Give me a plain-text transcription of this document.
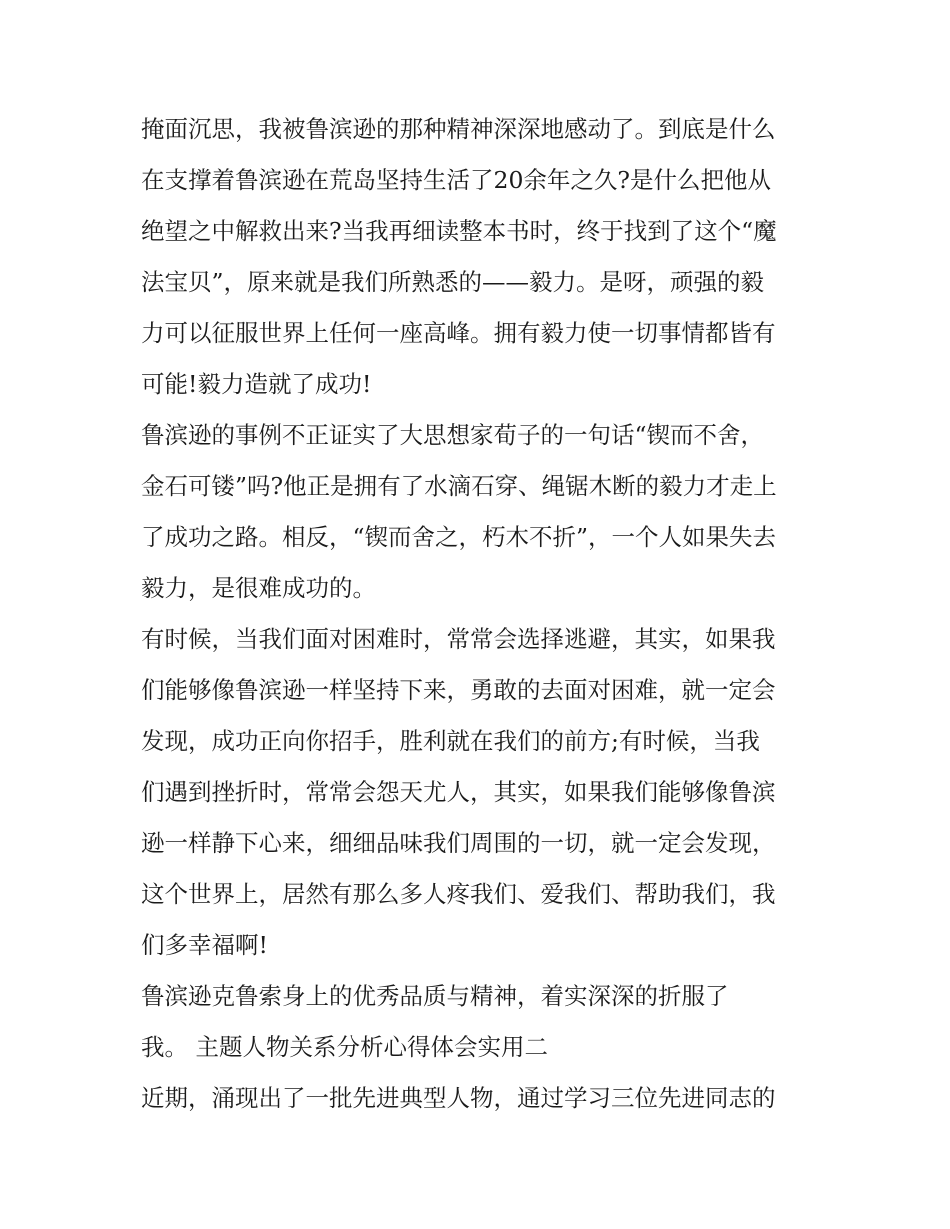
掩面沉思，我被鲁滨逊的那种精神深深地感动了。到底是什么
在支撑着鲁滨逊在荒岛坚持生活了20余年之久?是什么把他从
绝望之中解救出来?当我再细读整本书时，终于找到了这个“魔
法宝贝”，原来就是我们所熟悉的——毅力。是呀，顽强的毅
力可以征服世界上任何一座高峰。拥有毅力使一切事情都皆有
可能!毅力造就了成功!
鲁滨逊的事例不正证实了大思想家荀子的一句话“锲而不舍，
金石可镂”吗?他正是拥有了水滴石穿、绳锯木断的毅力才走上
了成功之路。相反，“锲而舍之，朽木不折”，一个人如果失去
毅力，是很难成功的。
有时候，当我们面对困难时，常常会选择逃避，其实，如果我
们能够像鲁滨逊一样坚持下来，勇敢的去面对困难，就一定会
发现，成功正向你招手，胜利就在我们的前方;有时候，当我
们遇到挫折时，常常会怨天尤人，其实，如果我们能够像鲁滨
逊一样静下心来，细细品味我们周围的一切，就一定会发现，
这个世界上，居然有那么多人疼我们、爱我们、帮助我们，我
们多幸福啊!
鲁滨逊克鲁索身上的优秀品质与精神，着实深深的折服了
我。 主题人物关系分析心得体会实用二
近期，涌现出了一批先进典型人物，通过学习三位先进同志的
